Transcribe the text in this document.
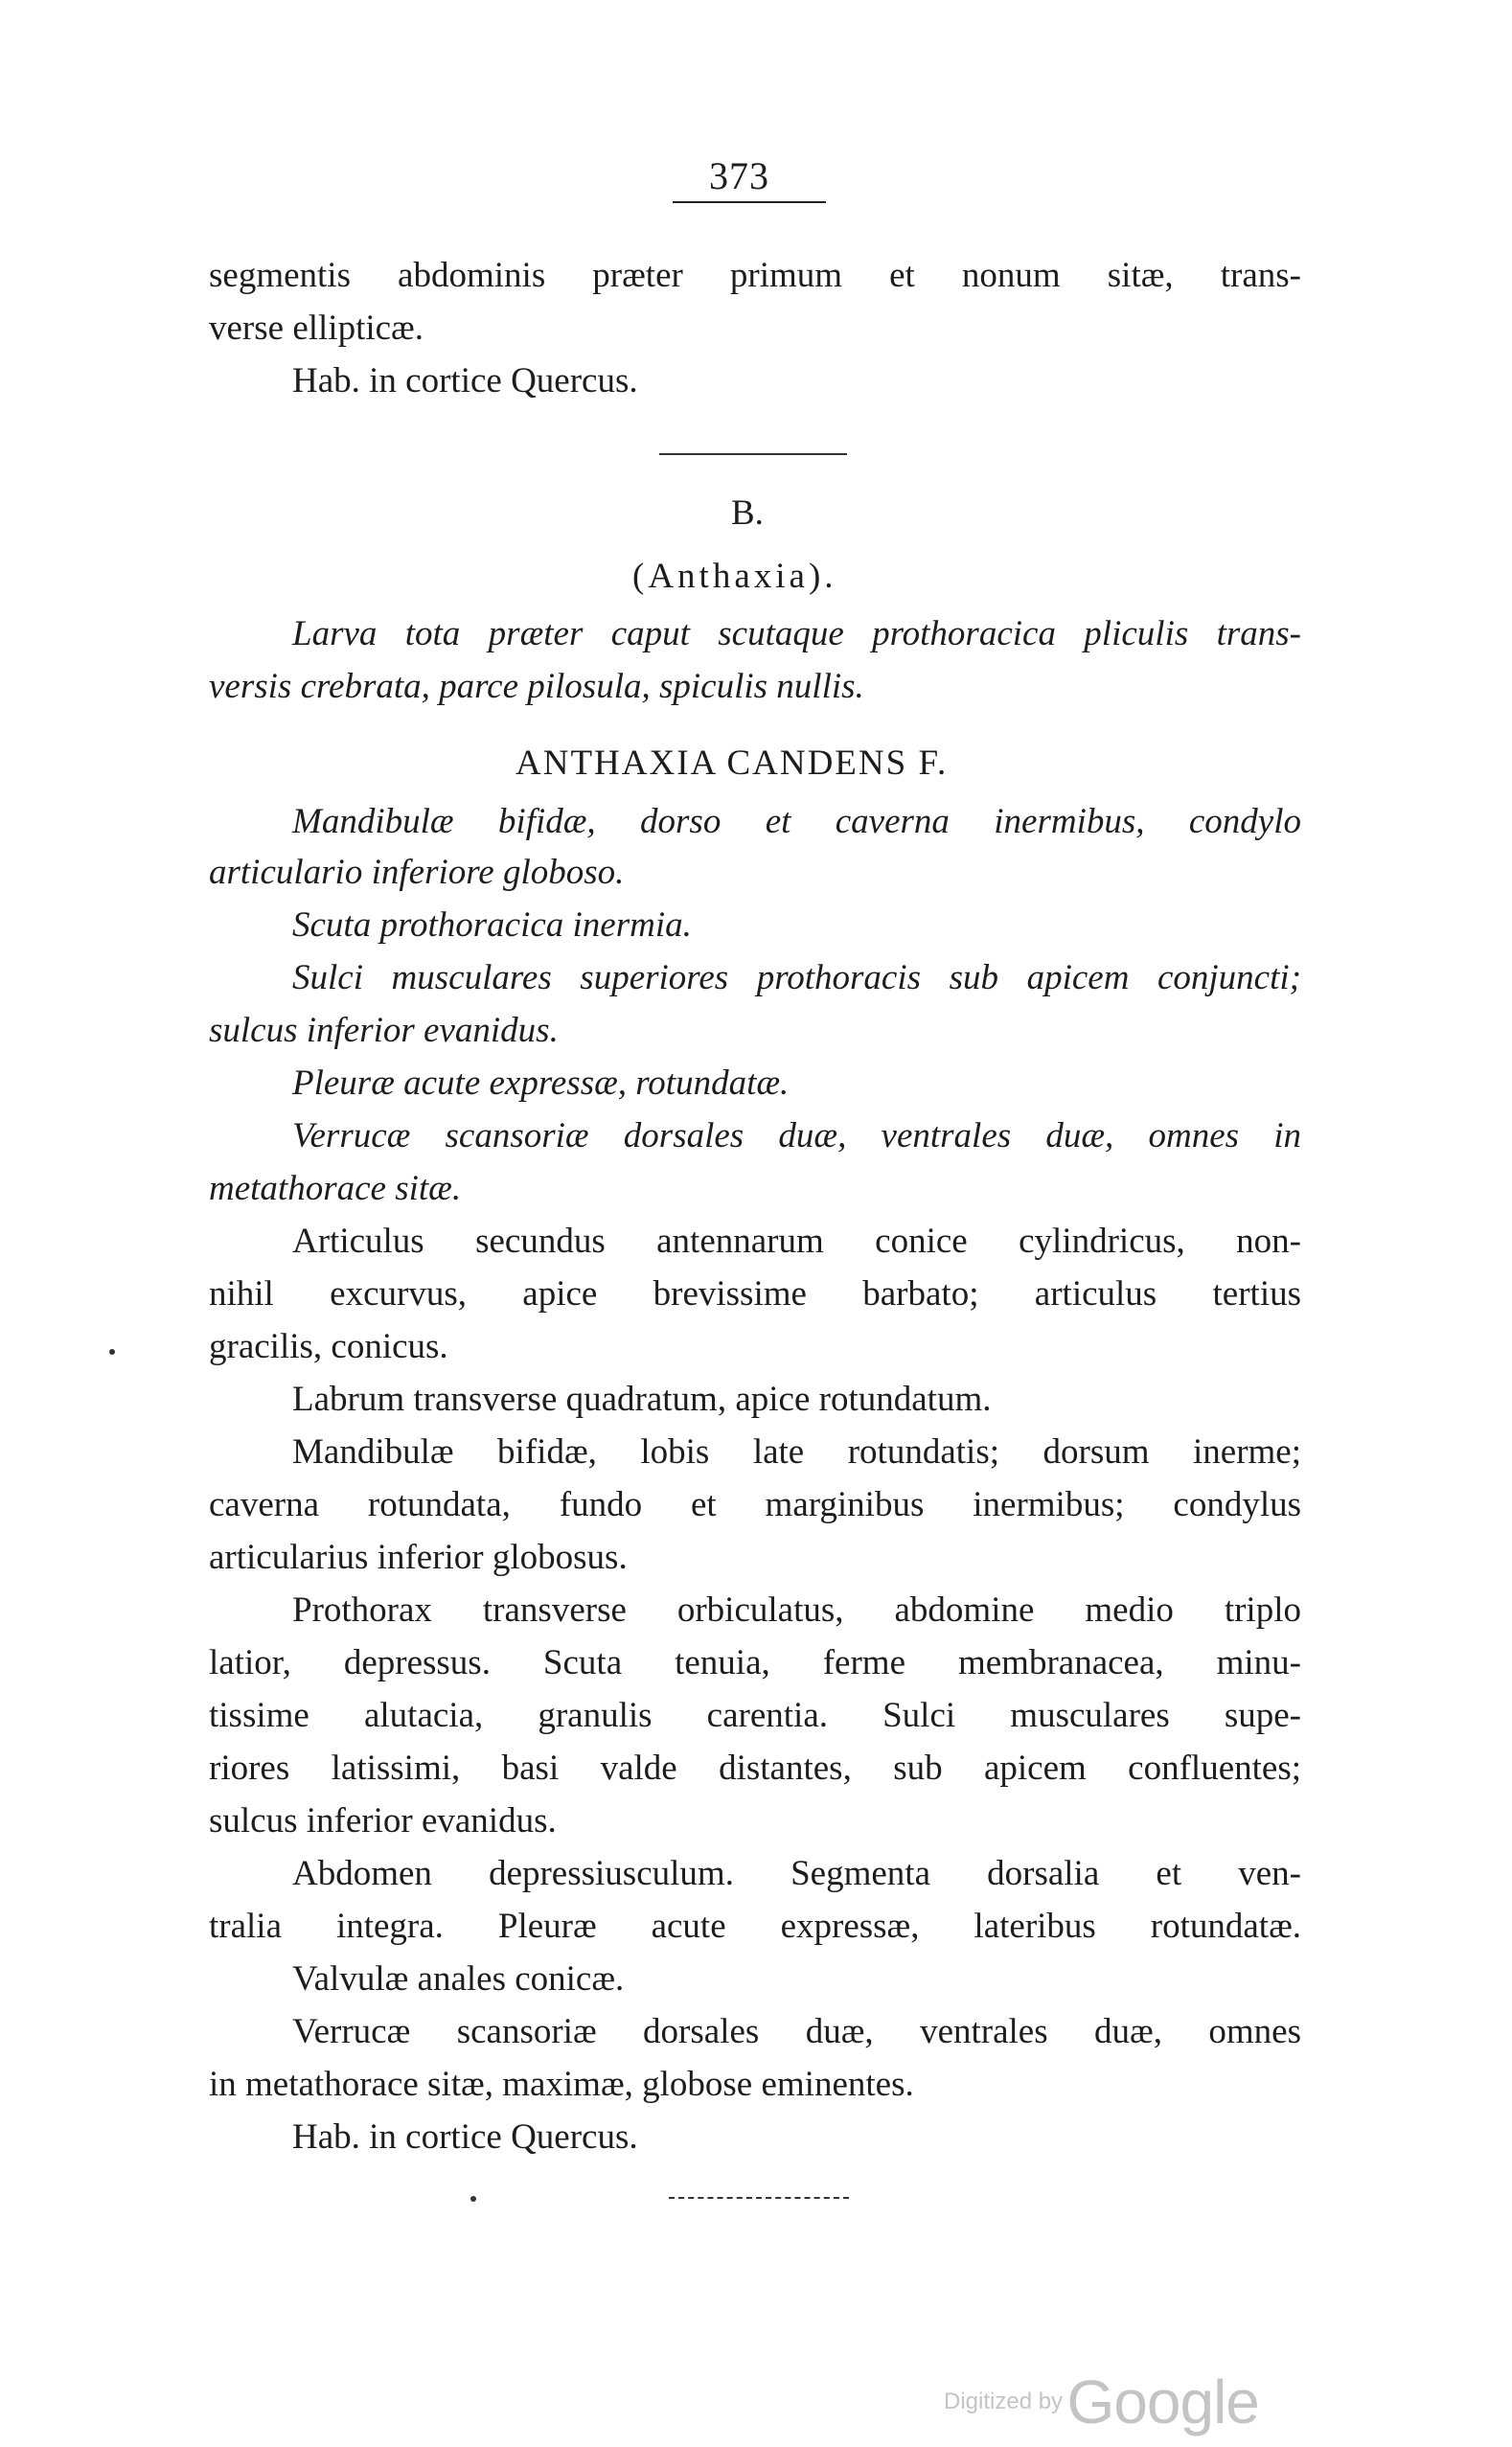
373
segmentis abdominis præter primum et nonum sitæ, trans-
verse ellipticæ.
Hab. in cortice Quercus.
B.
(Anthaxia).
Larva tota præter caput scutaque prothoracica pliculis trans-
versis crebrata, parce pilosula, spiculis nullis.
ANTHAXIA CANDENS F.
Mandibulæ bifidæ, dorso et caverna inermibus, condylo
articulario inferiore globoso.
Scuta prothoracica inermia.
Sulci musculares superiores prothoracis sub apicem conjuncti;
sulcus inferior evanidus.
Pleuræ acute expressæ, rotundatæ.
Verrucæ scansoriæ dorsales duæ, ventrales duæ, omnes in
metathorace sitæ.
Articulus secundus antennarum conice cylindricus, non-
nihil excurvus, apice brevissime barbato; articulus tertius
gracilis, conicus.
Labrum transverse quadratum, apice rotundatum.
Mandibulæ bifidæ, lobis late rotundatis; dorsum inerme;
caverna rotundata, fundo et marginibus inermibus; condylus
articularius inferior globosus.
Prothorax transverse orbiculatus, abdomine medio triplo
latior, depressus. Scuta tenuia, ferme membranacea, minu-
tissime alutacia, granulis carentia. Sulci musculares supe-
riores latissimi, basi valde distantes, sub apicem confluentes;
sulcus inferior evanidus.
Abdomen depressiusculum. Segmenta dorsalia et ven-
tralia integra. Pleuræ acute expressæ, lateribus rotundatæ.
Valvulæ anales conicæ.
Verrucæ scansoriæ dorsales duæ, ventrales duæ, omnes
in metathorace sitæ, maximæ, globose eminentes.
Hab. in cortice Quercus.
Digitized by Google
